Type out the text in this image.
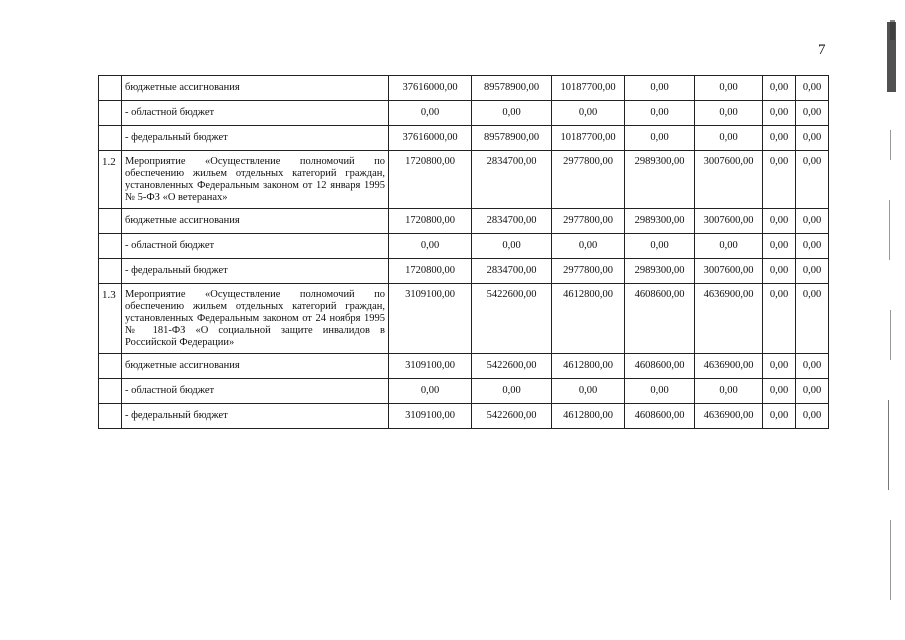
7
	бюджетные ассигнования	37616000,00	89578900,00	10187700,00	0,00	0,00	0,00	0,00
	- областной бюджет	0,00	0,00	0,00	0,00	0,00	0,00	0,00
	- федеральный бюджет	37616000,00	89578900,00	10187700,00	0,00	0,00	0,00	0,00
1.2	Мероприятие «Осуществление полномочий по обеспечению жильем отдельных категорий граждан, установленных Федеральным законом от 12 января 1995 № 5-ФЗ «О ветеранах»	1720800,00	2834700,00	2977800,00	2989300,00	3007600,00	0,00	0,00
	бюджетные ассигнования	1720800,00	2834700,00	2977800,00	2989300,00	3007600,00	0,00	0,00
	- областной бюджет	0,00	0,00	0,00	0,00	0,00	0,00	0,00
	- федеральный бюджет	1720800,00	2834700,00	2977800,00	2989300,00	3007600,00	0,00	0,00
1.3	Мероприятие «Осуществление полномочий по обеспечению жильем отдельных категорий граждан, установленных Федеральным законом от 24 ноября 1995 № 181-ФЗ «О социальной защите инвалидов в Российской Федерации»	3109100,00	5422600,00	4612800,00	4608600,00	4636900,00	0,00	0,00
	бюджетные ассигнования	3109100,00	5422600,00	4612800,00	4608600,00	4636900,00	0,00	0,00
	- областной бюджет	0,00	0,00	0,00	0,00	0,00	0,00	0,00
	- федеральный бюджет	3109100,00	5422600,00	4612800,00	4608600,00	4636900,00	0,00	0,00
